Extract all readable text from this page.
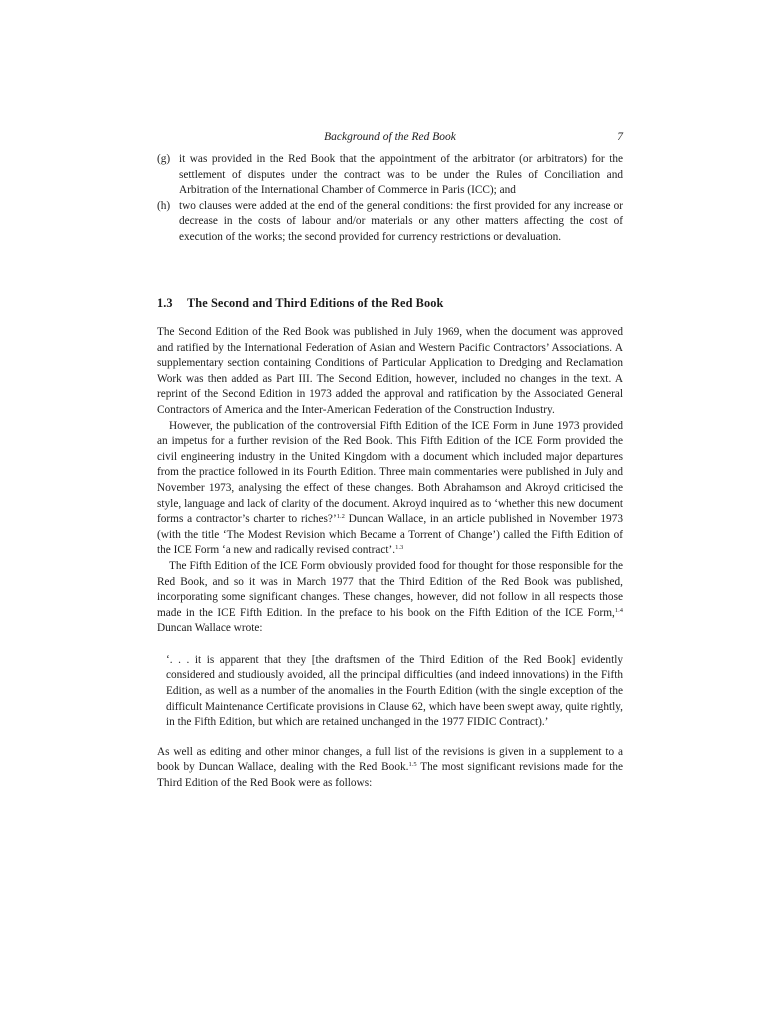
Background of the Red Book	7
(g) it was provided in the Red Book that the appointment of the arbitrator (or arbitrators) for the settlement of disputes under the contract was to be under the Rules of Conciliation and Arbitration of the International Chamber of Commerce in Paris (ICC); and
(h) two clauses were added at the end of the general conditions: the first provided for any increase or decrease in the costs of labour and/or materials or any other matters affecting the cost of execution of the works; the second provided for currency restrictions or devaluation.
1.3 The Second and Third Editions of the Red Book

The Second Edition of the Red Book was published in July 1969, when the document was approved and ratified by the International Federation of Asian and Western Pacific Contractors’ Associations. A supplementary section containing Conditions of Particular Application to Dredging and Reclamation Work was then added as Part III. The Second Edition, however, included no changes in the text. A reprint of the Second Edition in 1973 added the approval and ratification by the Associated General Contractors of America and the Inter-American Federation of the Construction Industry.

However, the publication of the controversial Fifth Edition of the ICE Form in June 1973 provided an impetus for a further revision of the Red Book. This Fifth Edition of the ICE Form provided the civil engineering industry in the United Kingdom with a document which included major departures from the practice followed in its Fourth Edition. Three main commentaries were published in July and November 1973, analysing the effect of these changes. Both Abrahamson and Akroyd criticised the style, language and lack of clarity of the document. Akroyd inquired as to ‘whether this new document forms a contractor’s charter to riches?’$^{1.2}$ Duncan Wallace, in an article published in November 1973 (with the title ‘The Modest Revision which Became a Torrent of Change’) called the Fifth Edition of the ICE Form ‘a new and radically revised contract’.$^{1.3}$

The Fifth Edition of the ICE Form obviously provided food for thought for those responsible for the Red Book, and so it was in March 1977 that the Third Edition of the Red Book was published, incorporating some significant changes. These changes, however, did not follow in all respects those made in the ICE Fifth Edition. In the preface to his book on the Fifth Edition of the ICE Form,$^{1.4}$ Duncan Wallace wrote:

‘. . . it is apparent that they [the draftsmen of the Third Edition of the Red Book] evidently considered and studiously avoided, all the principal difficulties (and indeed innovations) in the Fifth Edition, as well as a number of the anomalies in the Fourth Edition (with the single exception of the difficult Maintenance Certificate provisions in Clause 62, which have been swept away, quite rightly, in the Fifth Edition, but which are retained unchanged in the 1977 FIDIC Contract).’

As well as editing and other minor changes, a full list of the revisions is given in a supplement to a book by Duncan Wallace, dealing with the Red Book.$^{1.5}$ The most significant revisions made for the Third Edition of the Red Book were as follows:
